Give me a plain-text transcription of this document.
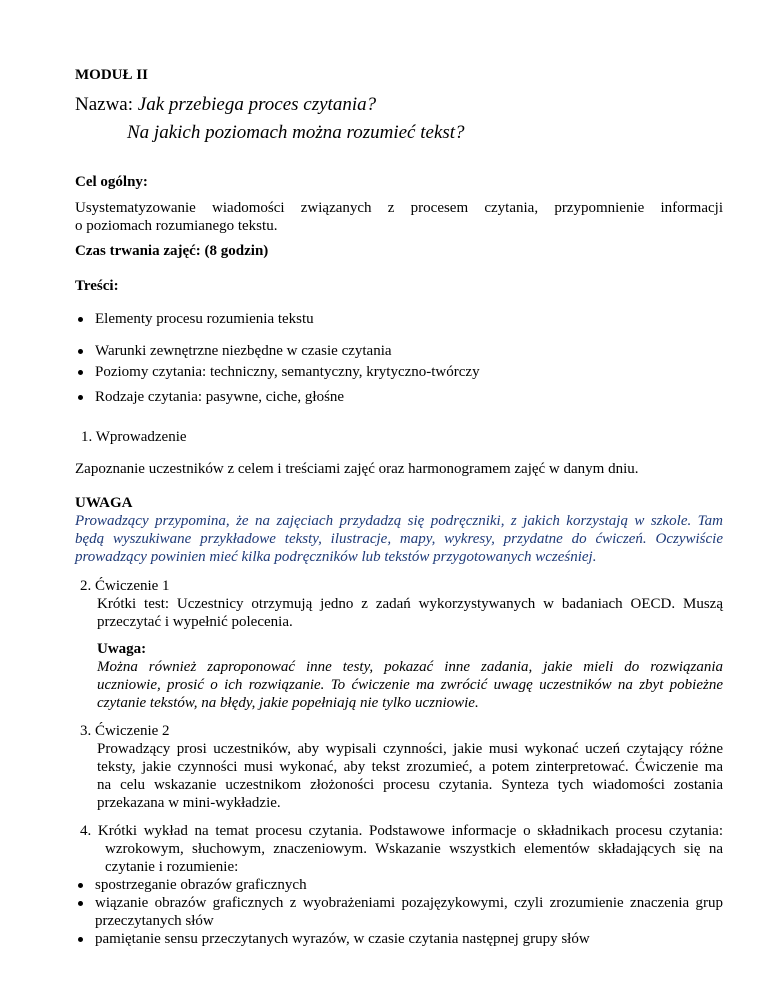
MODUŁ II
Nazwa: Jak przebiega proces czytania?
Na jakich poziomach można rozumieć tekst?
Cel ogólny:
Usystematyzowanie wiadomości związanych z procesem czytania, przypomnienie informacji
o poziomach rozumianego tekstu.
Czas trwania zajęć: (8 godzin)
Treści:
Elementy procesu rozumienia tekstu
Warunki zewnętrzne niezbędne w czasie czytania
Poziomy czytania: techniczny, semantyczny, krytyczno-twórczy
Rodzaje czytania: pasywne, ciche, głośne
1. Wprowadzenie
Zapoznanie uczestników z celem i treściami zajęć oraz harmonogramem zajęć w danym dniu.
UWAGA
Prowadzący przypomina, że na zajęciach przydadzą się podręczniki, z jakich korzystają w szkole. Tam
będą wyszukiwane przykładowe teksty, ilustracje, mapy, wykresy, przydatne do ćwiczeń. Oczywiście
prowadzący powinien mieć kilka podręczników lub tekstów przygotowanych wcześniej.
2. Ćwiczenie 1
Krótki test: Uczestnicy otrzymują jedno z zadań wykorzystywanych w badaniach OECD. Muszą
przeczytać i wypełnić polecenia.
Uwaga:
Można również zaproponować inne testy, pokazać inne zadania, jakie mieli do rozwiązania
uczniowie, prosić o ich rozwiązanie. To ćwiczenie ma zwrócić uwagę uczestników na zbyt pobieżne
czytanie tekstów, na błędy, jakie popełniają nie tylko uczniowie.
3. Ćwiczenie 2
Prowadzący prosi uczestników, aby wypisali czynności, jakie musi wykonać uczeń czytający różne
teksty, jakie czynności musi wykonać, aby tekst zrozumieć, a potem zinterpretować. Ćwiczenie ma
na celu wskazanie uczestnikom złożoności procesu czytania. Synteza tych wiadomości zostania
przekazana w mini-wykładzie.
4. Krótki wykład na temat procesu czytania. Podstawowe informacje o składnikach procesu czytania:
wzrokowym, słuchowym, znaczeniowym. Wskazanie wszystkich elementów składających się na
czytanie i rozumienie:
spostrzeganie obrazów graficznych
wiązanie obrazów graficznych z wyobrażeniami pozajęzykowymi, czyli zrozumienie znaczenia grup
przeczytanych słów
pamiętanie sensu przeczytanych wyrazów, w czasie czytania następnej grupy słów
